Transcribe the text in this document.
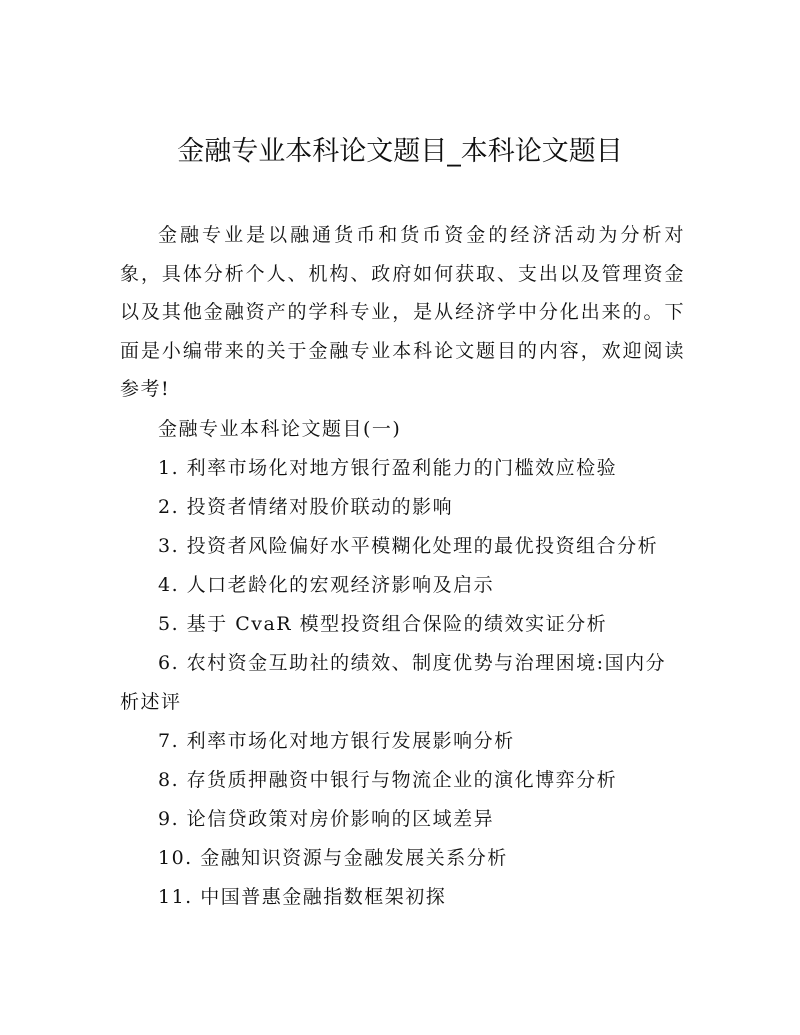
金融专业本科论文题目_本科论文题目

金融专业是以融通货币和货币资金的经济活动为分析对象，具体分析个人、机构、政府如何获取、支出以及管理资金以及其他金融资产的学科专业，是从经济学中分化出来的。下面是小编带来的关于金融专业本科论文题目的内容，欢迎阅读参考!

金融专业本科论文题目(一)
1. 利率市场化对地方银行盈利能力的门槛效应检验
2. 投资者情绪对股价联动的影响
3. 投资者风险偏好水平模糊化处理的最优投资组合分析
4. 人口老龄化的宏观经济影响及启示
5. 基于 CvaR 模型投资组合保险的绩效实证分析
6. 农村资金互助社的绩效、制度优势与治理困境:国内分析述评
7. 利率市场化对地方银行发展影响分析
8. 存货质押融资中银行与物流企业的演化博弈分析
9. 论信贷政策对房价影响的区域差异
10. 金融知识资源与金融发展关系分析
11. 中国普惠金融指数框架初探
